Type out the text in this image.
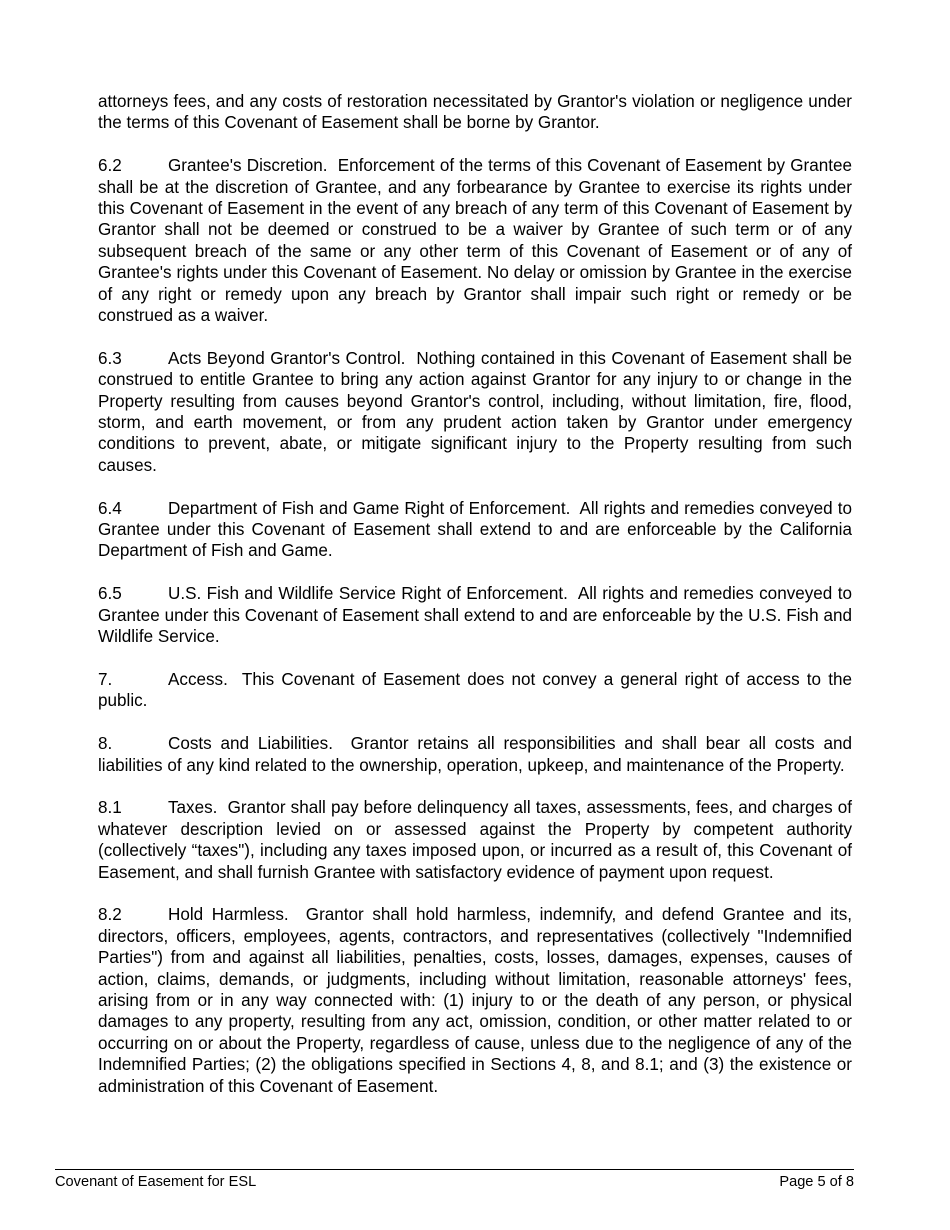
attorneys fees, and any costs of restoration necessitated by Grantor's violation or negligence under the terms of this Covenant of Easement shall be borne by Grantor.

6.2	Grantee's Discretion. Enforcement of the terms of this Covenant of Easement by Grantee shall be at the discretion of Grantee, and any forbearance by Grantee to exercise its rights under this Covenant of Easement in the event of any breach of any term of this Covenant of Easement by Grantor shall not be deemed or construed to be a waiver by Grantee of such term or of any subsequent breach of the same or any other term of this Covenant of Easement or of any of Grantee's rights under this Covenant of Easement. No delay or omission by Grantee in the exercise of any right or remedy upon any breach by Grantor shall impair such right or remedy or be construed as a waiver.

6.3	Acts Beyond Grantor's Control. Nothing contained in this Covenant of Easement shall be construed to entitle Grantee to bring any action against Grantor for any injury to or change in the Property resulting from causes beyond Grantor's control, including, without limitation, fire, flood, storm, and earth movement, or from any prudent action taken by Grantor under emergency conditions to prevent, abate, or mitigate significant injury to the Property resulting from such causes.

6.4	Department of Fish and Game Right of Enforcement. All rights and remedies conveyed to Grantee under this Covenant of Easement shall extend to and are enforceable by the California Department of Fish and Game.

6.5	U.S. Fish and Wildlife Service Right of Enforcement. All rights and remedies conveyed to Grantee under this Covenant of Easement shall extend to and are enforceable by the U.S. Fish and Wildlife Service.

7.	Access. This Covenant of Easement does not convey a general right of access to the public.

8.	Costs and Liabilities.  Grantor retains all responsibilities and shall bear all costs and liabilities of any kind related to the ownership, operation, upkeep, and maintenance of the Property.

8.1	Taxes. Grantor shall pay before delinquency all taxes, assessments, fees, and charges of whatever description levied on or assessed against the Property by competent authority (collectively “taxes"), including any taxes imposed upon, or incurred as a result of, this Covenant of Easement, and shall furnish Grantee with satisfactory evidence of payment upon request.

8.2	Hold Harmless. Grantor shall hold harmless, indemnify, and defend Grantee and its, directors, officers, employees, agents, contractors, and representatives (collectively "Indemnified Parties") from and against all liabilities, penalties, costs, losses, damages, expenses, causes of action, claims, demands, or judgments, including without limitation, reasonable attorneys' fees, arising from or in any way connected with: (1) injury to or the death of any person, or physical damages to any property, resulting from any act, omission, condition, or other matter related to or occurring on or about the Property, regardless of cause, unless due to the negligence of any of the Indemnified Parties; (2) the obligations specified in Sections 4, 8, and 8.1; and (3) the existence or administration of this Covenant of Easement.

Covenant of Easement for ESL	Page 5 of 8
